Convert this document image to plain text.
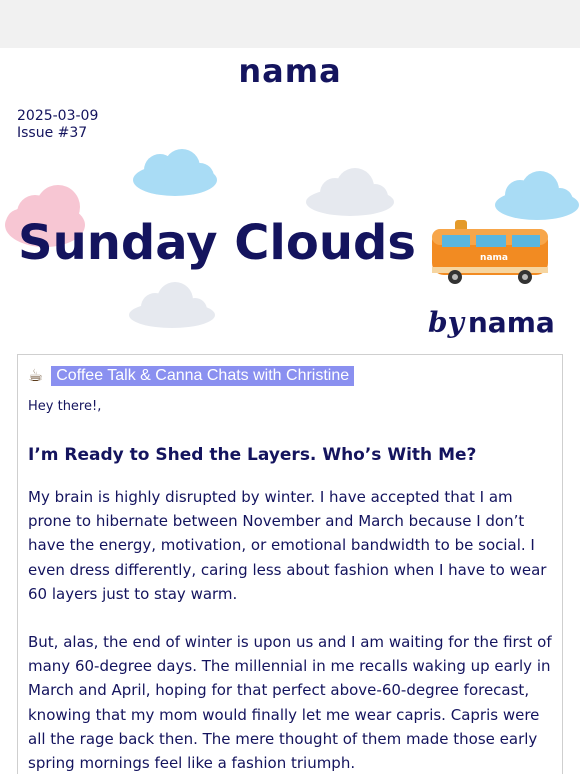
nama
2025-03-09
Issue #37
nama
Sunday Clouds
by nama
☕ Coffee Talk & Canna Chats with Christine
Hey there!,
I’m Ready to Shed the Layers. Who’s With Me?

My brain is highly disrupted by winter. I have accepted that I am prone to hibernate between November and March because I don’t have the energy, motivation, or emotional bandwidth to be social. I even dress differently, caring less about fashion when I have to wear 60 layers just to stay warm.

But, alas, the end of winter is upon us and I am waiting for the first of many 60-degree days. The millennial in me recalls waking up early in March and April, hoping for that perfect above-60-degree forecast, knowing that my mom would finally let me wear capris. Capris were all the rage back then. The mere thought of them made those early spring mornings feel like a fashion triumph.
